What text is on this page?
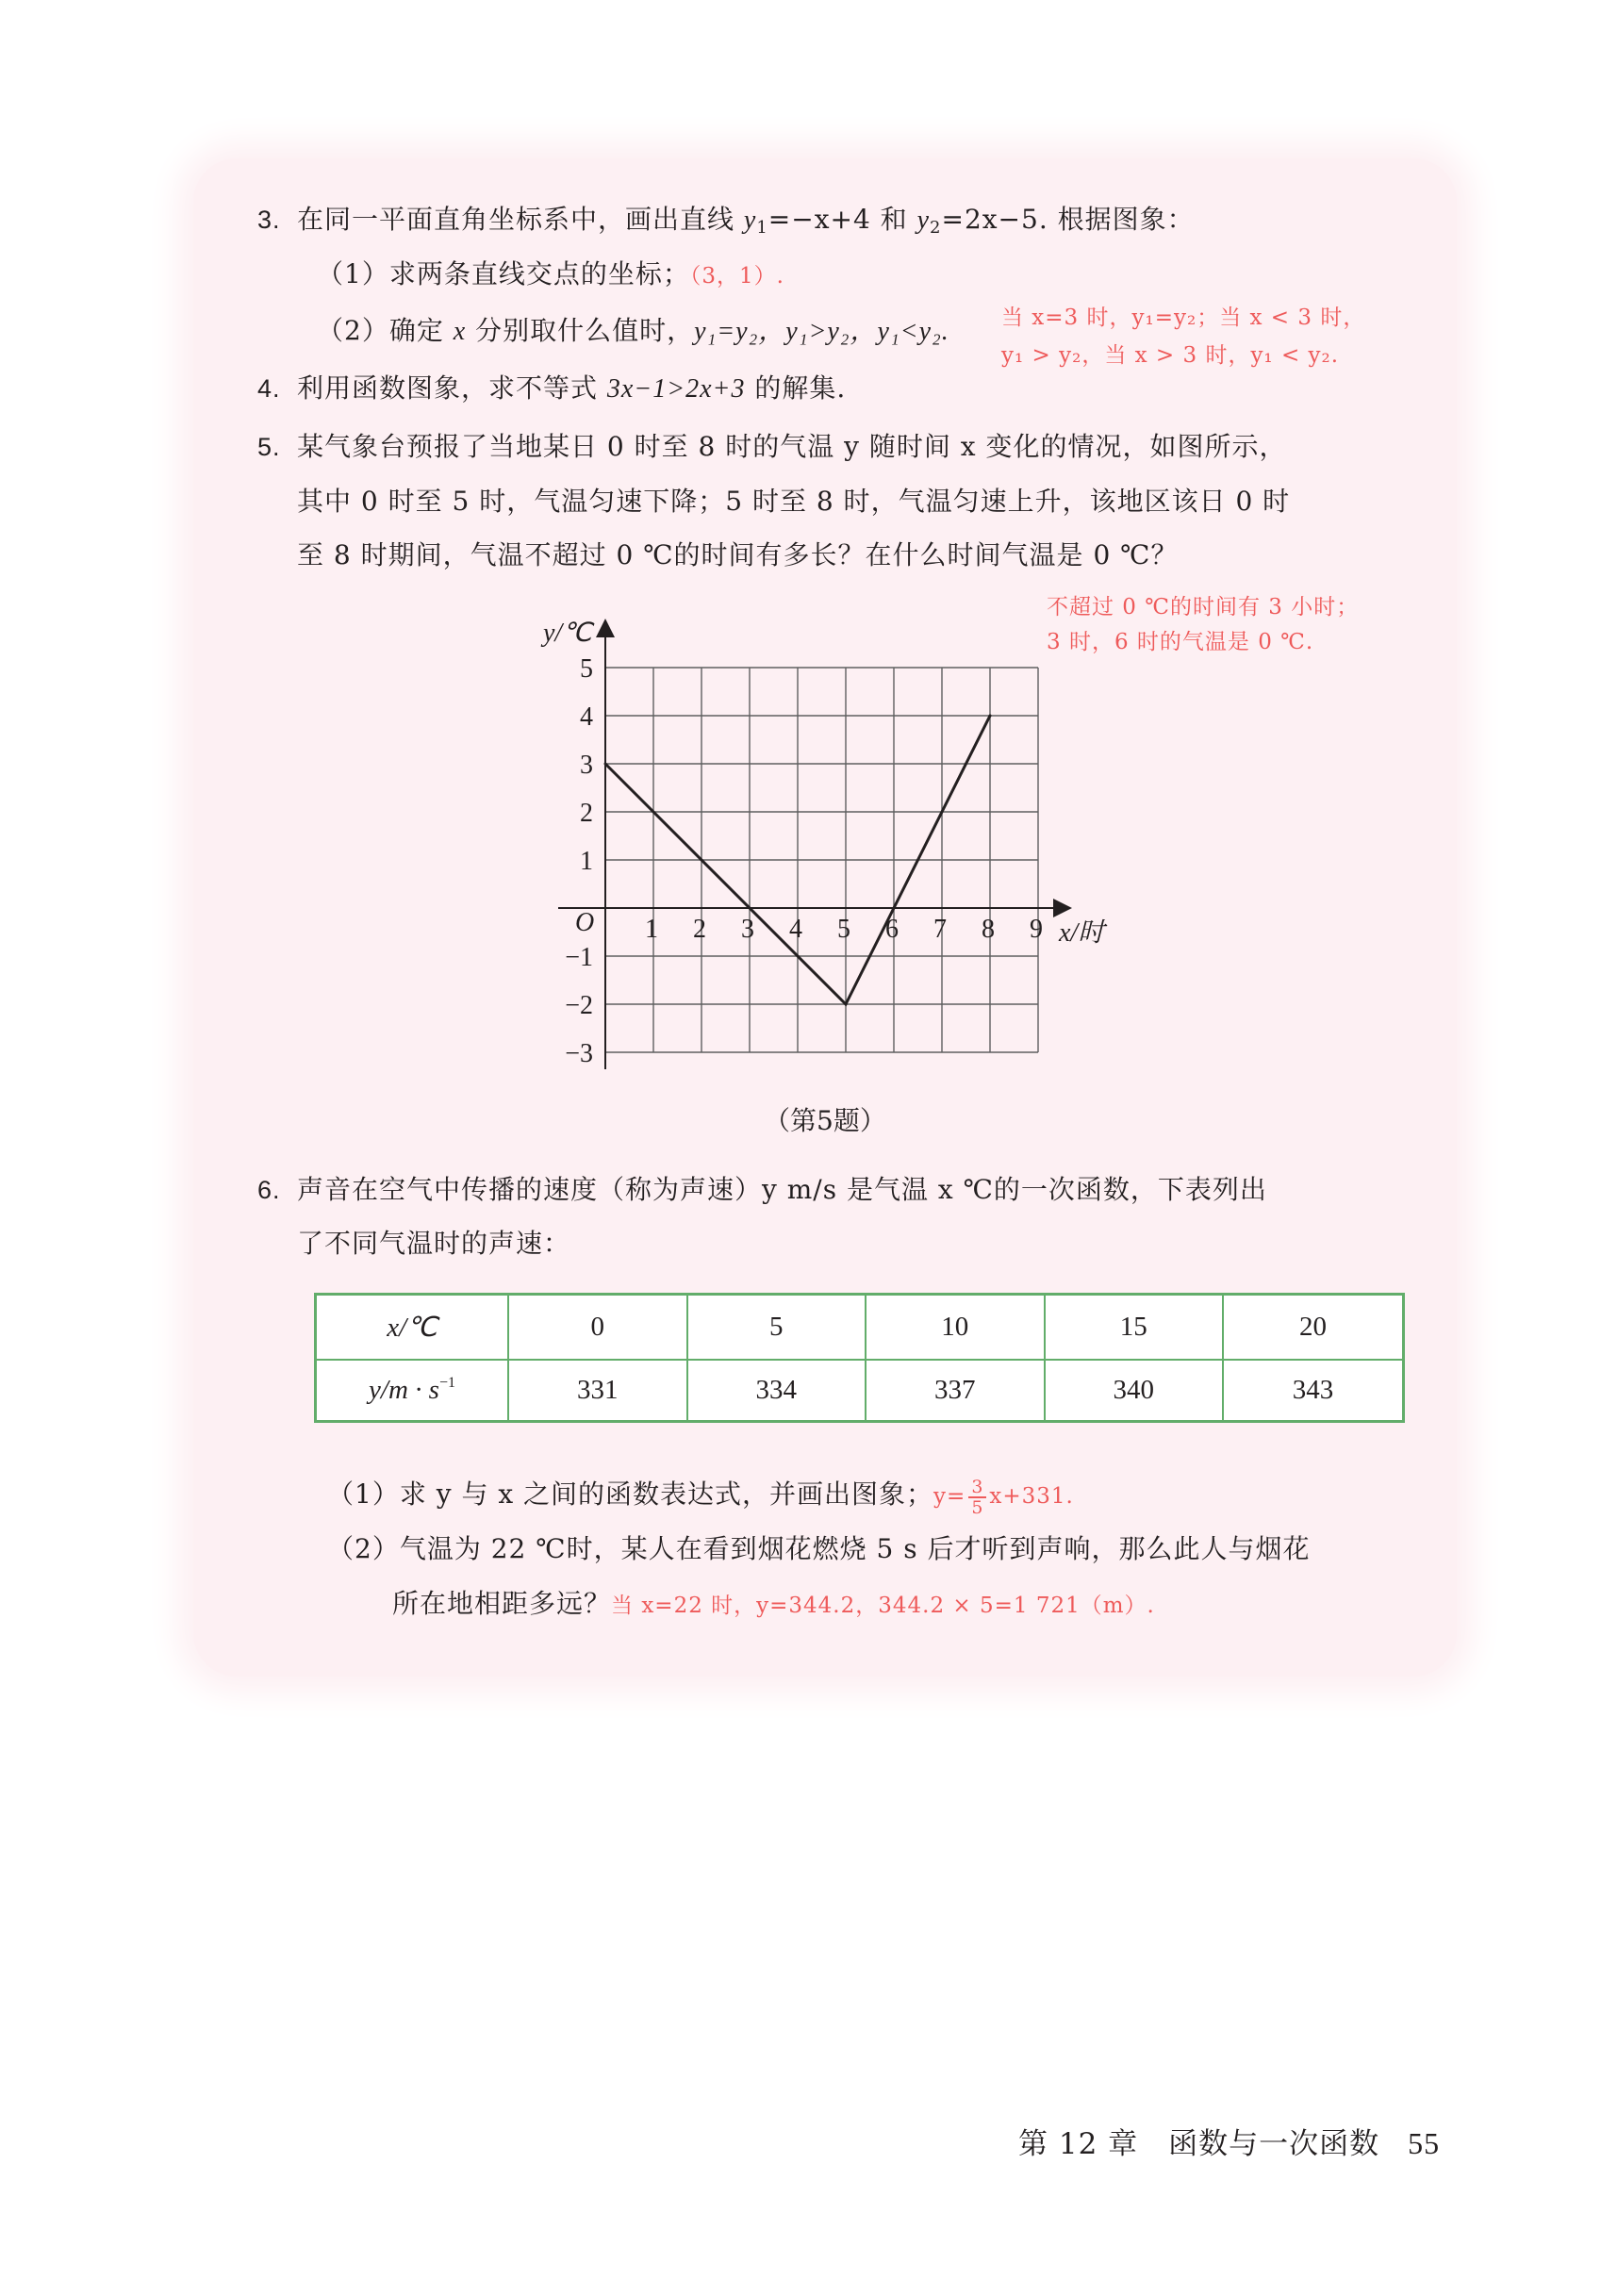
3. 在同一平面直角坐标系中，画出直线 $y_1=-x+4$ 和 $y_2=2x-5$. 根据图象：
（1）求两条直线交点的坐标；（3，1）.
（2）确定 x 分别取什么值时，y₁=y₂，y₁>y₂，y₁<y₂. 当 x=3 时，y₁=y₂；当 x < 3 时，
y₁ > y₂，当 x > 3 时，y₁ < y₂.
4. 利用函数图象，求不等式 3x−1>2x+3 的解集.
5. 某气象台预报了当地某日 0 时至 8 时的气温 y 随时间 x 变化的情况，如图所示，
其中 0 时至 5 时，气温匀速下降；5 时至 8 时，气温匀速上升，该地区该日 0 时
至 8 时期间，气温不超过 0 ℃的时间有多长？在什么时间气温是 0 ℃？
不超过 0 ℃的时间有 3 小时；
3 时，6 时的气温是 0 ℃.
1 2 3 4 5 6 7 8 9
5
4
3
2
1
−1
−2
−3
O	x/时
y/℃
（第5题）
6. 声音在空气中传播的速度（称为声速）y m/s 是气温 x ℃的一次函数，下表列出
了不同气温时的声速：
x/℃	0	5	10	15	20
$y/m \cdot s^{-1}$	331	334	337	340	343
（1）求 y 与 x 之间的函数表达式，并画出图象；$y= \frac{3}{5} x+331$.
（2）气温为 22 ℃时，某人在看到烟花燃烧 5 s 后才听到声响，那么此人与烟花
所在地相距多远？当 x=22 时，y=344.2，344.2 × 5=1 721（m）.
第 12 章　函数与一次函数 55
